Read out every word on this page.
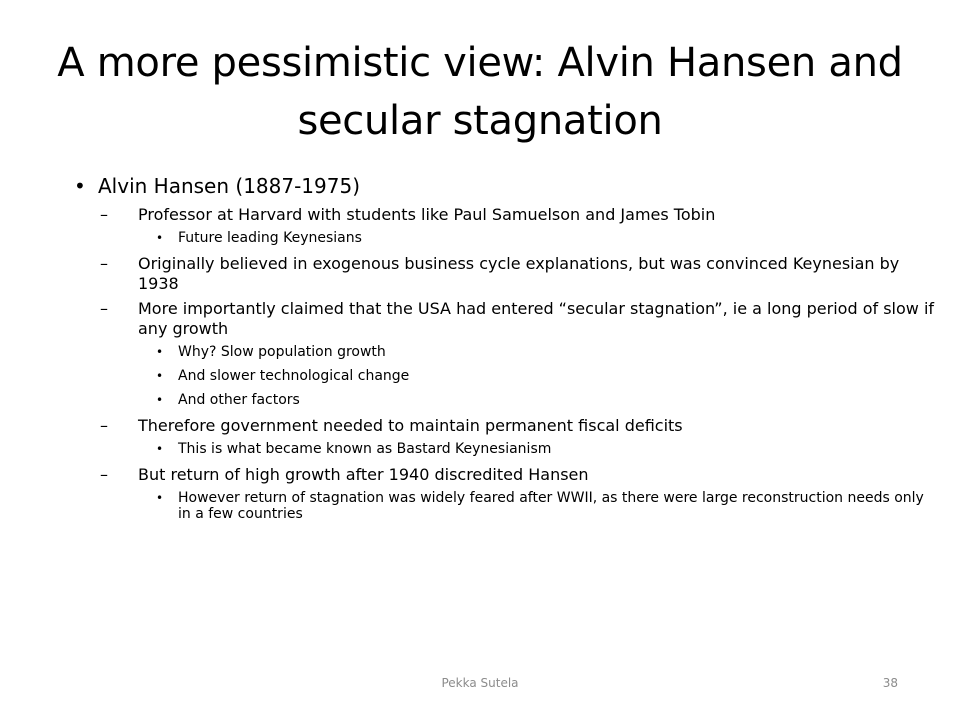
A more pessimistic view: Alvin Hansen and secular stagnation
• Alvin Hansen (1887-1975)
– Professor at Harvard with students like Paul Samuelson and James Tobin
• Future leading Keynesians
– Originally believed in exogenous business cycle explanations, but was convinced Keynesian by 1938
– More importantly claimed that the USA had entered “secular stagnation”, ie a long period of slow if any growth
• Why? Slow population growth
• And slower technological change
• And other factors
– Therefore government needed to maintain permanent fiscal deficits
• This is what became known as Bastard Keynesianism
– But return of high growth after 1940 discredited Hansen
• However return of stagnation was widely feared after WWII, as there were large reconstruction needs only in a few countries
Pekka Sutela	38
